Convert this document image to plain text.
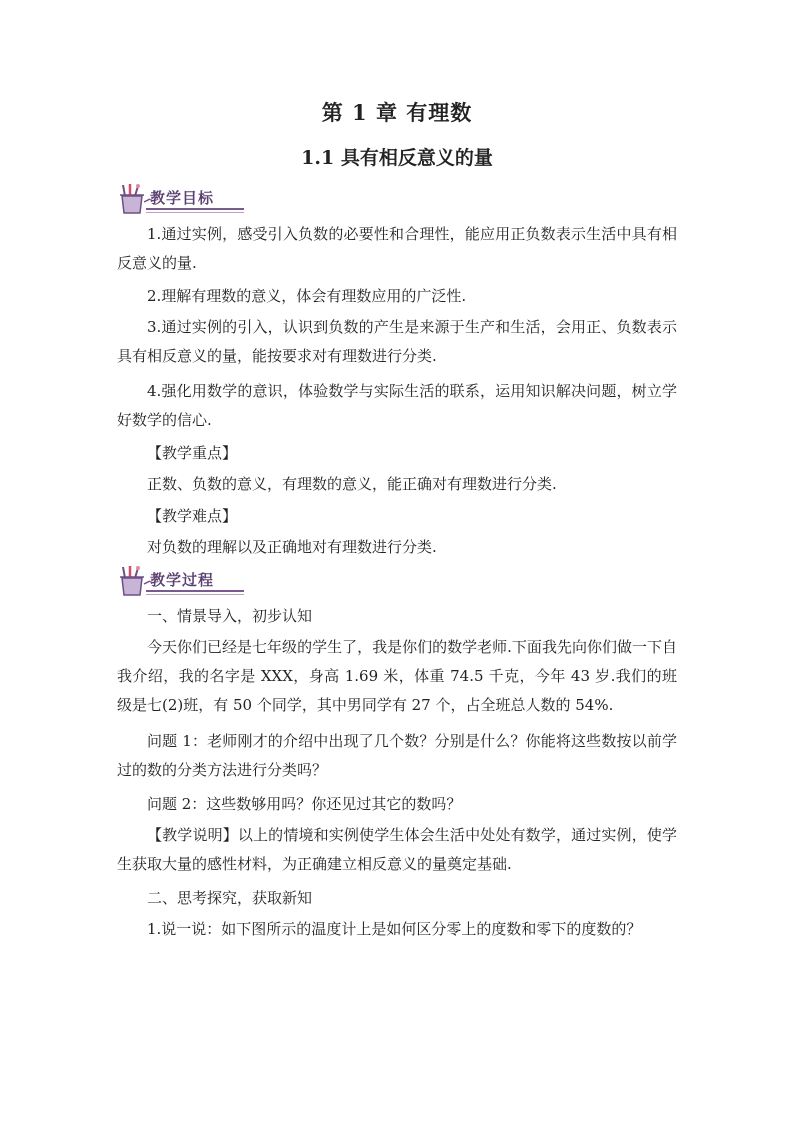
第 1 章 有理数
1.1 具有相反意义的量
教学目标

1.通过实例，感受引入负数的必要性和合理性，能应用正负数表示生活中具有相反意义的量.

2.理解有理数的意义，体会有理数应用的广泛性.

3.通过实例的引入，认识到负数的产生是来源于生产和生活，会用正、负数表示具有相反意义的量，能按要求对有理数进行分类.

4.强化用数学的意识，体验数学与实际生活的联系，运用知识解决问题，树立学好数学的信心.

【教学重点】
正数、负数的意义，有理数的意义，能正确对有理数进行分类.
【教学难点】
对负数的理解以及正确地对有理数进行分类.
教学过程
一、情景导入，初步认知

今天你们已经是七年级的学生了，我是你们的数学老师.下面我先向你们做一下自我介绍，我的名字是 XXX，身高 1.69 米，体重 74.5 千克，今年 43 岁.我们的班级是七(2)班，有 50 个同学，其中男同学有 27 个，占全班总人数的 54%.

问题 1：老师刚才的介绍中出现了几个数？分别是什么？你能将这些数按以前学过的数的分类方法进行分类吗？

问题 2：这些数够用吗？你还见过其它的数吗？

【教学说明】以上的情境和实例使学生体会生活中处处有数学，通过实例，使学生获取大量的感性材料，为正确建立相反意义的量奠定基础.

二、思考探究，获取新知
1.说一说：如下图所示的温度计上是如何区分零上的度数和零下的度数的？
